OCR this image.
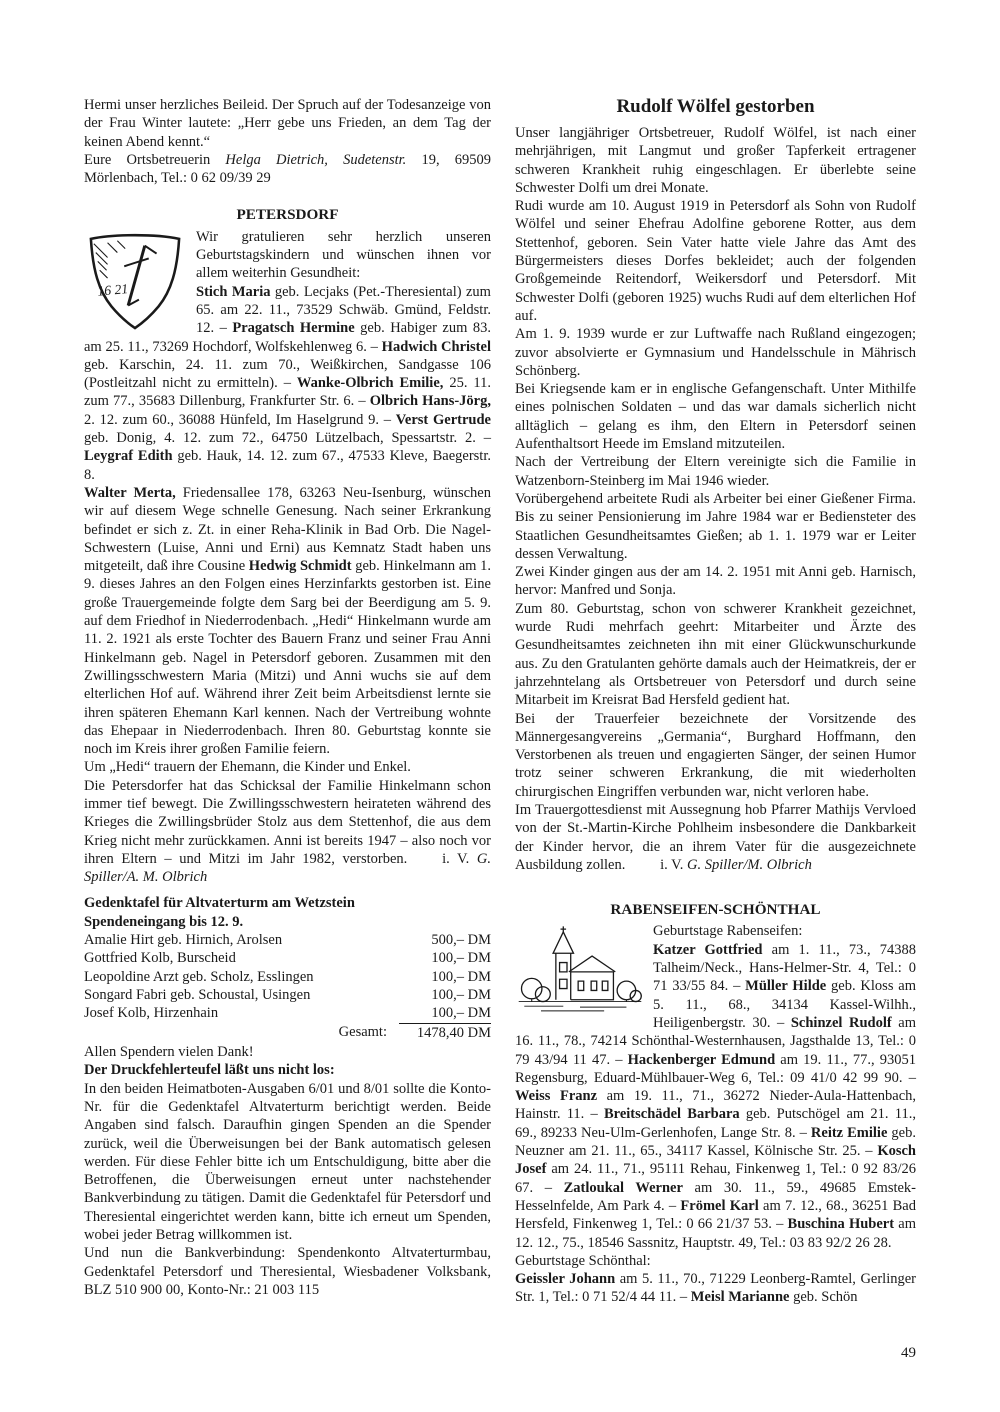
Hermi unser herzliches Beileid. Der Spruch auf der Todesanzeige von der Frau Winter lautete: „Herr gebe uns Frieden, an dem Tag der keinen Abend kennt.“

Eure Ortsbetreuerin Helga Dietrich, Sudetenstr. 19, 69509 Mörlenbach, Tel.: 0 62 09/39 29

PETERSDORF
16 21

Wir gratulieren sehr herzlich unseren Geburtstagskindern und wünschen ihnen vor allem weiterhin Gesundheit:

Stich Maria geb. Lecjaks (Pet.-Theresiental) zum 65. am 22. 11., 73529 Schwäb. Gmünd, Feldstr. 12. – Pragatsch Hermine geb. Habiger zum 83. am 25. 11., 73269 Hochdorf, Wolfskehlenweg 6. – Hadwich Christel geb. Karschin, 24. 11. zum 70., Weißkirchen, Sandgasse 106 (Postleitzahl nicht zu ermitteln). – Wanke-Olbrich Emilie, 25. 11. zum 77., 35683 Dillenburg, Frankfurter Str. 6. – Olbrich Hans-Jörg, 2. 12. zum 60., 36088 Hünfeld, Im Haselgrund 9. – Verst Gertrude geb. Donig, 4. 12. zum 72., 64750 Lützelbach, Spessartstr. 2. – Leygraf Edith geb. Hauk, 14. 12. zum 67., 47533 Kleve, Baegerstr. 8.

Walter Merta, Friedensallee 178, 63263 Neu-Isenburg, wünschen wir auf diesem Wege schnelle Genesung. Nach seiner Erkrankung befindet er sich z. Zt. in einer Reha-Klinik in Bad Orb. Die Nagel-Schwestern (Luise, Anni und Erni) aus Kemnatz Stadt haben uns mitgeteilt, daß ihre Cousine Hedwig Schmidt geb. Hinkelmann am 1. 9. dieses Jahres an den Folgen eines Herzinfarkts gestorben ist. Eine große Trauergemeinde folgte dem Sarg bei der Beerdigung am 5. 9. auf dem Friedhof in Niederrodenbach. „Hedi“ Hinkelmann wurde am 11. 2. 1921 als erste Tochter des Bauern Franz und seiner Frau Anni Hinkelmann geb. Nagel in Petersdorf geboren. Zusammen mit den Zwillingsschwestern Maria (Mitzi) und Anni wuchs sie auf dem elterlichen Hof auf. Während ihrer Zeit beim Arbeitsdienst lernte sie ihren späteren Ehemann Karl kennen. Nach der Vertreibung wohnte das Ehepaar in Niederrodenbach. Ihren 80. Geburtstag konnte sie noch im Kreis ihrer großen Familie feiern.

Um „Hedi“ trauern der Ehemann, die Kinder und Enkel.

Die Petersdorfer hat das Schicksal der Familie Hinkelmann schon immer tief bewegt. Die Zwillingsschwestern heirateten während des Krieges die Zwillingsbrüder Stolz aus dem Stettenhof, die aus dem Krieg nicht mehr zurückkamen. Anni ist bereits 1947 – also noch vor ihren Eltern – und Mitzi im Jahr 1982, verstorben. i. V. G. Spiller/A. M. Olbrich

Gedenktafel für Altvaterturm am Wetzstein

Spendeneingang bis 12. 9.

Amalie Hirt geb. Hirnich, Arolsen	500,– DM
Gottfried Kolb, Burscheid	100,– DM
Leopoldine Arzt geb. Scholz, Esslingen	100,– DM
Songard Fabri geb. Schoustal, Usingen	100,– DM
Josef Kolb, Hirzenhain	100,– DM
Gesamt:	1478,40 DM

Allen Spendern vielen Dank!

Der Druckfehlerteufel läßt uns nicht los:

In den beiden Heimatboten-Ausgaben 6/01 und 8/01 sollte die Konto-Nr. für die Gedenktafel Altvaterturm berichtigt werden. Beide Angaben sind falsch. Daraufhin gingen Spenden an die Spender zurück, weil die Überweisungen bei der Bank automatisch gelesen werden. Für diese Fehler bitte ich um Entschuldigung, bitte aber die Betroffenen, die Überweisungen erneut unter nachstehender Bankverbindung zu tätigen. Damit die Gedenktafel für Petersdorf und Theresiental eingerichtet werden kann, bitte ich erneut um Spenden, wobei jeder Betrag willkommen ist.

Und nun die Bankverbindung: Spendenkonto Altvaterturmbau, Gedenktafel Petersdorf und Theresiental, Wiesbadener Volksbank, BLZ 510 900 00, Konto-Nr.: 21 003 115

Rudolf Wölfel gestorben

Unser langjähriger Ortsbetreuer, Rudolf Wölfel, ist nach einer mehrjährigen, mit Langmut und großer Tapferkeit ertragener schweren Krankheit ruhig eingeschlagen. Er überlebte seine Schwester Dolfi um drei Monate.

Rudi wurde am 10. August 1919 in Petersdorf als Sohn von Rudolf Wölfel und seiner Ehefrau Adolfine geborene Rotter, aus dem Stettenhof, geboren. Sein Vater hatte viele Jahre das Amt des Bürgermeisters dieses Dorfes bekleidet; auch der folgenden Großgemeinde Reitendorf, Weikersdorf und Petersdorf. Mit Schwester Dolfi (geboren 1925) wuchs Rudi auf dem elterlichen Hof auf.

Am 1. 9. 1939 wurde er zur Luftwaffe nach Rußland eingezogen; zuvor absolvierte er Gymnasium und Handelsschule in Mährisch Schönberg.

Bei Kriegsende kam er in englische Gefangenschaft. Unter Mithilfe eines polnischen Soldaten – und das war damals sicherlich nicht alltäglich – gelang es ihm, den Eltern in Petersdorf seinen Aufenthaltsort Heede im Emsland mitzuteilen.

Nach der Vertreibung der Eltern vereinigte sich die Familie in Watzenborn-Steinberg im Mai 1946 wieder.

Vorübergehend arbeitete Rudi als Arbeiter bei einer Gießener Firma. Bis zu seiner Pensionierung im Jahre 1984 war er Bediensteter des Staatlichen Gesundheitsamtes Gießen; ab 1. 1. 1979 war er Leiter dessen Verwaltung.

Zwei Kinder gingen aus der am 14. 2. 1951 mit Anni geb. Harnisch, hervor: Manfred und Sonja.

Zum 80. Geburtstag, schon von schwerer Krankheit gezeichnet, wurde Rudi mehrfach geehrt: Mitarbeiter und Ärzte des Gesundheitsamtes zeichneten ihn mit einer Glückwunschurkunde aus. Zu den Gratulanten gehörte damals auch der Heimatkreis, der er jahrzehntelang als Ortsbetreuer von Petersdorf und durch seine Mitarbeit im Kreisrat Bad Hersfeld gedient hat.

Bei der Trauerfeier bezeichnete der Vorsitzende des Männergesangvereins „Germania“, Burghard Hoffmann, den Verstorbenen als treuen und engagierten Sänger, der seinen Humor trotz seiner schweren Erkrankung, die mit wiederholten chirurgischen Eingriffen verbunden war, nicht verloren habe.

Im Trauergottesdienst mit Aussegnung hob Pfarrer Mathijs Vervloed von der St.-Martin-Kirche Pohlheim insbesondere die Dankbarkeit der Kinder hervor, die an ihrem Vater für die ausgezeichnete Ausbildung zollen. i. V. G. Spiller/M. Olbrich

RABENSEIFEN-SCHÖNTHAL

Geburtstage Rabenseifen:

Katzer Gottfried am 1. 11., 73., 74388 Talheim/Neck., Hans-Helmer-Str. 4, Tel.: 0 71 33/55 84. – Müller Hilde geb. Kloss am 5. 11., 68., 34134 Kassel-Wilhh., Heiligenbergstr. 30. – Schinzel Rudolf am 16. 11., 78., 74214 Schönthal-Westernhausen, Jagsthalde 13, Tel.: 0 79 43/94 11 47. – Hackenberger Edmund am 19. 11., 77., 93051 Regensburg, Eduard-Mühlbauer-Weg 6, Tel.: 09 41/0 42 99 90. – Weiss Franz am 19. 11., 71., 36272 Nieder-Aula-Hattenbach, Hainstr. 11. – Breitschädel Barbara geb. Putschögel am 21. 11., 69., 89233 Neu-Ulm-Gerlenhofen, Lange Str. 8. – Reitz Emilie geb. Neuzner am 21. 11., 65., 34117 Kassel, Kölnische Str. 25. – Kosch Josef am 24. 11., 71., 95111 Rehau, Finkenweg 1, Tel.: 0 92 83/26 67. – Zatloukal Werner am 30. 11., 59., 49685 Emstek-Hesselnfelde, Am Park 4. – Frömel Karl am 7. 12., 68., 36251 Bad Hersfeld, Finkenweg 1, Tel.: 0 66 21/37 53. – Buschina Hubert am 12. 12., 75., 18546 Sassnitz, Hauptstr. 49, Tel.: 03 83 92/2 26 28.

Geburtstage Schönthal:

Geissler Johann am 5. 11., 70., 71229 Leonberg-Ramtel, Gerlinger Str. 1, Tel.: 0 71 52/4 44 11. – Meisl Marianne geb. Schön

49
